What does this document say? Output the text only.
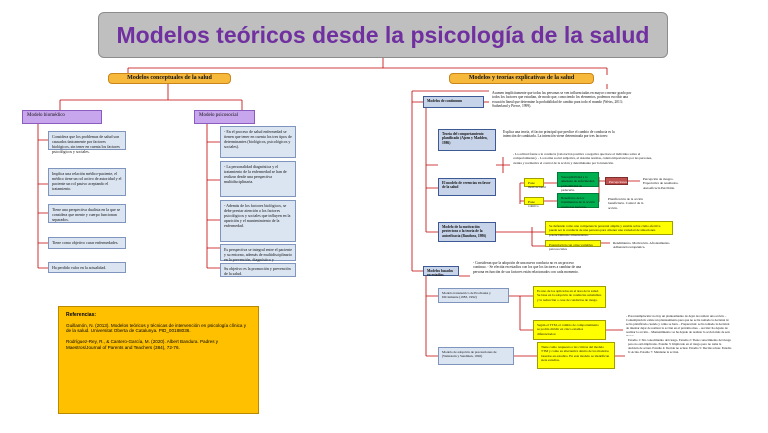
Modelos teóricos desde la psicología de la salud
Modelos conceptuales de la salud	Modelos y teorías explicativas de la salud
Modelo biomédico
Considera que los problemas de salud son causados únicamente por factores biológicos, sin tener en cuenta los factores psicológicos y sociales.
Implica una relación médico-paciente, el médico tiene un rol activo de autoridad y el paciente un rol pasivo aceptando el tratamiento.
Tiene una perspectiva dualista en la que se considera que mente y cuerpo funcionan separados.
Tiene como objetivo curar enfermedades.
Ha perdido valor en la actualidad.
Modelo psicosocial
- En el proceso de salud enfermedad se tienen que tener en cuenta los tres tipos de determinantes (biológicos, psicológicos y sociales).
- La personalidad diagnóstica y el tratamiento de la enfermedad se han de realizar desde una perspectiva multidisciplinaria.
- Además de los factores biológicos, se debe prestar atención a los factores psicológicos y sociales que influyen en la aparición y el mantenimiento de la enfermedad.
Es perspectiva se integral entre el paciente y su entorno, además de multidisciplinario en la prevención, diagnóstico y
Su objetivo es la promoción y prevención de la salud.
Referencias:
Guillamón, N. (2013). Modelos teóricos y técnicas de intervención en psicología clínica y de la salud. Universitat Oberta de Catalunya. PID_00188036.
Rodríguez-Rey, R., & Cantero-García, M. (2020). Albert Bandura. Padres y Maestros/Journal of Parents and Teachers (384), 72-76.
Modelos de continuum
Asumen implícitamente que todas las personas se ven influenciadas en mayor o menor grado por todos los factores que estudian, de modo que, conociendo los elementos, podemos escribir una ecuación lineal que determine la probabilidad de cambio para todo el mundo (Weiss, 2013; Sutherland y Pierce, 1999).
Teoría del comportamiento planificado (Ajzen y Madden, 1986)
Explica una teoría, el factor principal que predice el cambio de conducta es la intención de cambiarla. La intención viene determinada por tres factores:
- La actitud frente a la conducta (valoración positiva o negativa que hace el individuo sobre el comportamiento). - La norma social subjetiva, el sistema normas, cuánta importancia por las personas, cuánta y normativa el control de la acción y determinante por la intención.
El modelo de creencias en favor de la salud
Pone motivacional
Susceptibilidad a la amenaza de enfermedad, probabilidad de padecerla.
Percepciones
Percepción de riesgos. Expectativa de resultados. Autoeficacia Percibida.
Pone volitivo
Beneficios de los tratamientos de la acción contra las barreras.
Planificación de la acción beneficiaria. Control de la acción.
Modelo de la motivación protectora o la teoría de la autoeficacia (Bandura, 1986)
Se defiende como una competencia personal amplia y estable sobre cómo efectiva puede ser la conducta de una persona para obtener una variedad de situaciones potencialmente amenazantes.
Potenciación con otras variables psicosociales
Rendimiento. Motivación. Afrontamiento. Adherencia terapéutica.
Modelos basados en estadios
- Consideran que la adopción de una nueva conducta no es un proceso continuo. - Se efectúa en estadios con los que los factores a cambiar de una persona en función de sus factores están relacionados con cada momento.
Modelo transteórico de Prochaska y DiClemente (1983, 1992)
Es uno de los aplicados en el área de la salud. Se basa en la adopción de conductas saludables y la reducción o cese de conductas de riesgo.
Según el TTM, el cambio de comportamiento se podría dividir en cinco estadios diferenciados:
- Precontemplación: no hay un planteamiento de dejar de realizar una acción. - Contemplación: existe un planteamiento para que no se ha tomado la decisión ni se ha planificado cuando y cómo se hará. - Preparación: se ha tomado la decisión de intentar dejar de realizar la acción en el próximo mes. - Acción: ha dejado de realizar la acción. - Mantenimiento: se ha dejado de realizar la acción más de seis
Modelo de adopción de precauciones de (Weinstein y Sandman, 1992)
Tiene como respuesta a las críticas del modelo TTM y como su alternativa dentro de los modelos basados en estadios. En este modelo se identifican siete estadios.
Estadio 1: Sin conocimiento del riesgo. Estadio 2: Tiene conocimiento del riesgo pero no está implicado. Estadio 3: Implicado en el riesgo pero no toma la decisión de actuar. Estadio 4: Decide no actuar. Estadio 5: Decide actuar. Estadio 6: Actúa. Estadio 7: Mantiene la acción.
